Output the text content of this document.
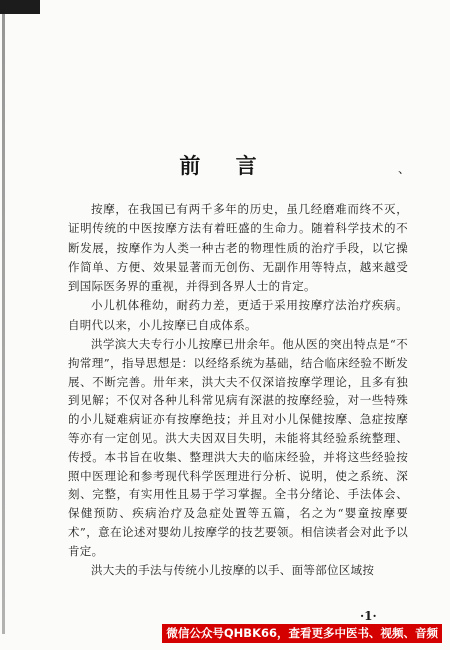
前 言	、

按摩，在我国已有两千多年的历史，虽几经磨难而终不灭，证明传统的中医按摩方法有着旺盛的生命力。随着科学技术的不断发展，按摩作为人类一种古老的物理性质的治疗手段，以它操作简单、方便、效果显著而无创伤、无副作用等特点，越来越受到国际医务界的重视，并得到各界人士的肯定。

小儿机体稚幼，耐药力差，更适于采用按摩疗法治疗疾病。自明代以来，小儿按摩已自成体系。

洪学滨大夫专行小儿按摩已卅余年。他从医的突出特点是“不拘常理”，指导思想是：以经络系统为基础，结合临床经验不断发展、不断完善。卅年来，洪大夫不仅深谙按摩学理论，且多有独到见解；不仅对各种儿科常见病有深湛的按摩经验，对一些特殊的小儿疑难病证亦有按摩绝技；并且对小儿保健按摩、急症按摩等亦有一定创见。洪大夫因双目失明，未能将其经验系统整理、传授。本书旨在收集、整理洪大夫的临床经验，并将这些经验按照中医理论和参考现代科学医理进行分析、说明，使之系统、深刻、完整，有实用性且易于学习掌握。全书分绪论、手法体会、保健预防、疾病治疗及急症处置等五篇，名之为“婴童按摩要术”，意在论述对婴幼儿按摩学的技艺要领。相信读者会对此予以肯定。

洪大夫的手法与传统小儿按摩的以手、面等部位区域按

·1·
微信公众号QHBK66，查看更多中医书、视频、音频
